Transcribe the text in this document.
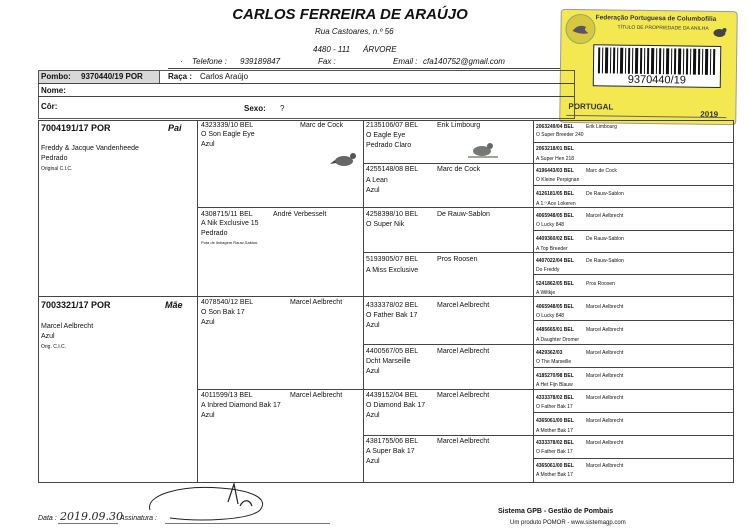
CARLOS FERREIRA DE ARAÚJO
Rua Castoares, n.º 56
4480 - 111 ÁRVORE
· Telefone : 939189847	Fax :	Email : cfa140752@gmail.com
Federação Portuguesa de Columbofilia
TÍTULO DE PROPRIEDADE DA ANILHA
9370440/19
PORTUGAL
2019
Pombo: 9370440/19 POR	Raça : Carlos Araújo
Nome:
Côr:	Sexo: ?
7004191/17 POR	Pai
Freddy & Jacque Vandenheede
Pedrado
Original C.I.C.
7003321/17 POR	Mãe
Marcel Aelbrecht
Azul
Orig. C.I.C.
4323339/10 BEL	Marc de Cock
O Son Eagle Eye
Azul
4308715/11 BEL	André Verbesselt
A Nik Exclusive 15
Pedrado
Pota de linhagem Rauw-Sablon.
4078540/12 BEL	Marcel Aelbrecht
O Son Bak 17
Azul
4011599/13 BEL	Marcel Aelbrecht
A Inbred Diamond Bak 17
Azul
2135106/07 BEL	Erik Limbourg
O Eagle Eye
Pedrado Claro
4255148/08 BEL	Marc de Cock
A Lean
Azul
4258398/10 BEL	De Rauw-Sablon
O Super Nik
5193905/07 BEL	Pros Roosen
A Miss Exclusive
4333378/02 BEL	Marcel Aelbrecht
O Father Bak 17
Azul
4400567/05 BEL	Marcel Aelbrecht
Dcht Marseille
Azul
4439152/04 BEL	Marcel Aelbrecht
O Diamond Bak 17
Azul
4381755/06 BEL	Marcel Aelbrecht
A Super Bak 17
Azul
2063249/04 BEL Erik Limbourg
O Super Breeder 240
2063218/01 BEL
A Super Hen 218
4196443/03 BEL Marc de Cock
O Kleine Perpignan
4126181/05 BEL De Rauw-Sablon
A 1.º Ace Lokeren
4065948/05 BEL Marcel Aelbrecht
O Lucky 848
4409360/02 BEL De Rauw-Sablon
A Top Breeder
4407022/04 BEL De Rauw-Sablon
Do Freddy
5241862/05 BEL Pros Roosen
A Wiltkje
4065948/05 BEL Marcel Aelbrecht
O Lucky 848
4485665/01 BEL Marcel Aelbrecht
A Daughter Dromer
4429362/03	Marcel Aelbrecht
O The Marseille
4185270/98 BEL Marcel Aelbrecht
A Het Fijn Blauw
4333378/02 BEL Marcel Aelbrecht
O Father Bak 17
4365061/00 BEL Marcel Aelbrecht
A Mother Bak 17
4333378/02 BEL Marcel Aelbrecht
O Father Bak 17
4365061/00 BEL Marcel Aelbrecht
A Mother Bak 17
Data : 2019.09.30
Assinatura :
Sistema GPB - Gestão de Pombais
Um produto POMOR - www.sistemagp.com
